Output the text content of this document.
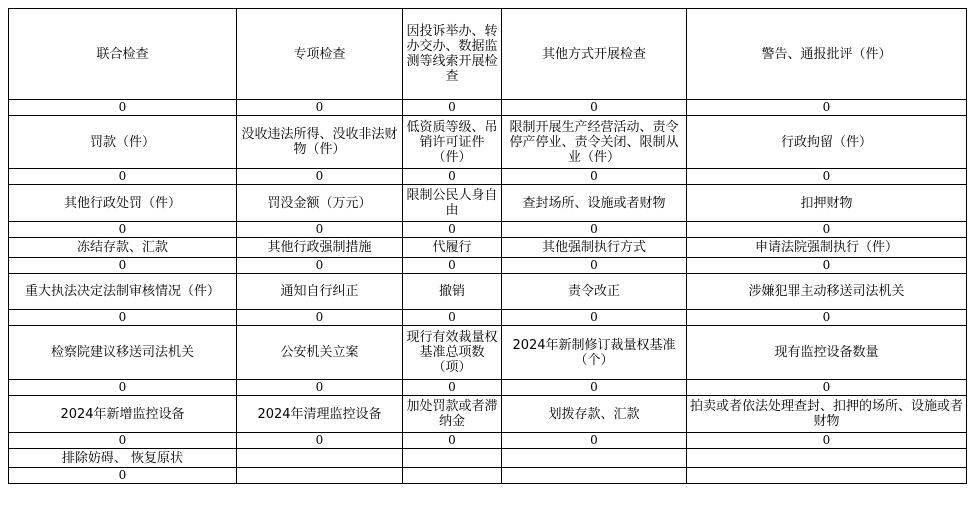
联合检查	专项检查	因投诉举办、转办交办、数据监测等线索开展检查	其他方式开展检查	警告、通报批评（件）
0	0	0	0	0
罚款（件）	没收违法所得、没收非法财物（件）	低资质等级、吊销许可证件（件）	限制开展生产经营活动、责令停产停业、责令关闭、限制从业（件）	行政拘留（件）
0	0	0	0	0
其他行政处罚（件）	罚没金额（万元）	限制公民人身自由	查封场所、设施或者财物	扣押财物
0	0	0	0	0
冻结存款、汇款	其他行政强制措施	代履行	其他强制执行方式	申请法院强制执行（件）
0	0	0	0	0
重大执法决定法制审核情况（件）	通知自行纠正	撤销	责令改正	涉嫌犯罪主动移送司法机关
0	0	0	0	0
检察院建议移送司法机关	公安机关立案	现行有效裁量权基准总项数（项）	2024年新制修订裁量权基准（个）	现有监控设备数量
0	0	0	0	0
2024年新增监控设备	2024年清理监控设备	加处罚款或者滞纳金	划拨存款、汇款	拍卖或者依法处理查封、扣押的场所、设施或者财物
0	0	0	0	0
排除妨碍、 恢复原状				
0				
